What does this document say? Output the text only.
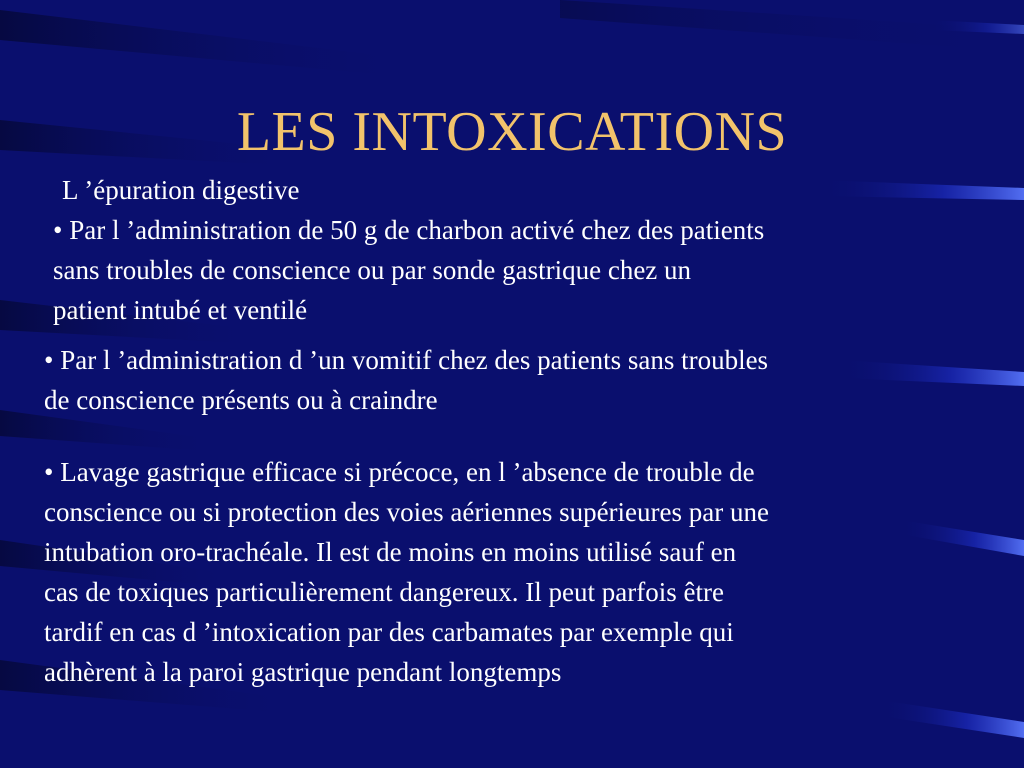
LES INTOXICATIONS
L ’épuration digestive
• Par l ’administration de 50 g de charbon activé chez des patients
sans troubles de conscience ou par sonde gastrique chez un
patient intubé et ventilé
• Par l ’administration d ’un vomitif chez des patients sans troubles
de conscience présents ou à craindre
• Lavage gastrique efficace si précoce, en l ’absence de trouble de
conscience ou si protection des voies aériennes supérieures par une
intubation oro-trachéale. Il est de moins en moins utilisé sauf en
cas de toxiques particulièrement dangereux. Il peut parfois être
tardif en cas d ’intoxication par des carbamates par exemple qui
adhèrent à la paroi gastrique pendant longtemps
